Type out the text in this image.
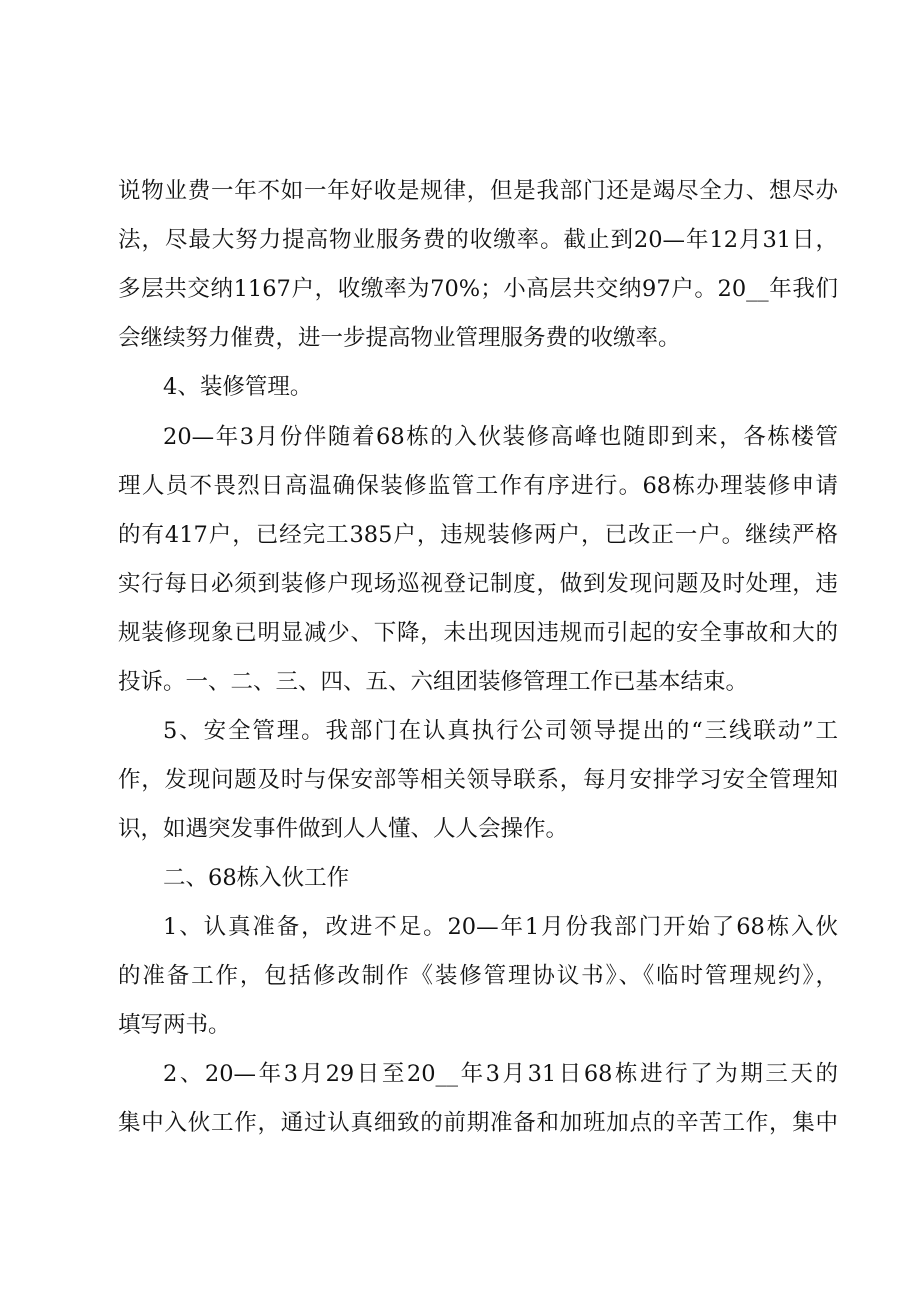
说物业费一年不如一年好收是规律，但是我部门还是竭尽全力、想尽办
法，尽最大努力提高物业服务费的收缴率。截止到20—年12月31日，
多层共交纳1167户，收缴率为70%；小高层共交纳97户。20__年我们
会继续努力催费，进一步提高物业管理服务费的收缴率。
4、装修管理。
20—年3月份伴随着68栋的入伙装修高峰也随即到来，各栋楼管
理人员不畏烈日高温确保装修监管工作有序进行。68栋办理装修申请
的有417户，已经完工385户，违规装修两户，已改正一户。继续严格
实行每日必须到装修户现场巡视登记制度，做到发现问题及时处理，违
规装修现象已明显减少、下降，未出现因违规而引起的安全事故和大的
投诉。一、二、三、四、五、六组团装修管理工作已基本结束。
5、安全管理。我部门在认真执行公司领导提出的“三线联动”工
作，发现问题及时与保安部等相关领导联系，每月安排学习安全管理知
识，如遇突发事件做到人人懂、人人会操作。
二、68栋入伙工作
1、认真准备，改进不足。20—年1月份我部门开始了68栋入伙
的准备工作，包括修改制作《装修管理协议书》、《临时管理规约》，
填写两书。
2、20—年3月29日至20__年3月31日68栋进行了为期三天的
集中入伙工作，通过认真细致的前期准备和加班加点的辛苦工作，集中
